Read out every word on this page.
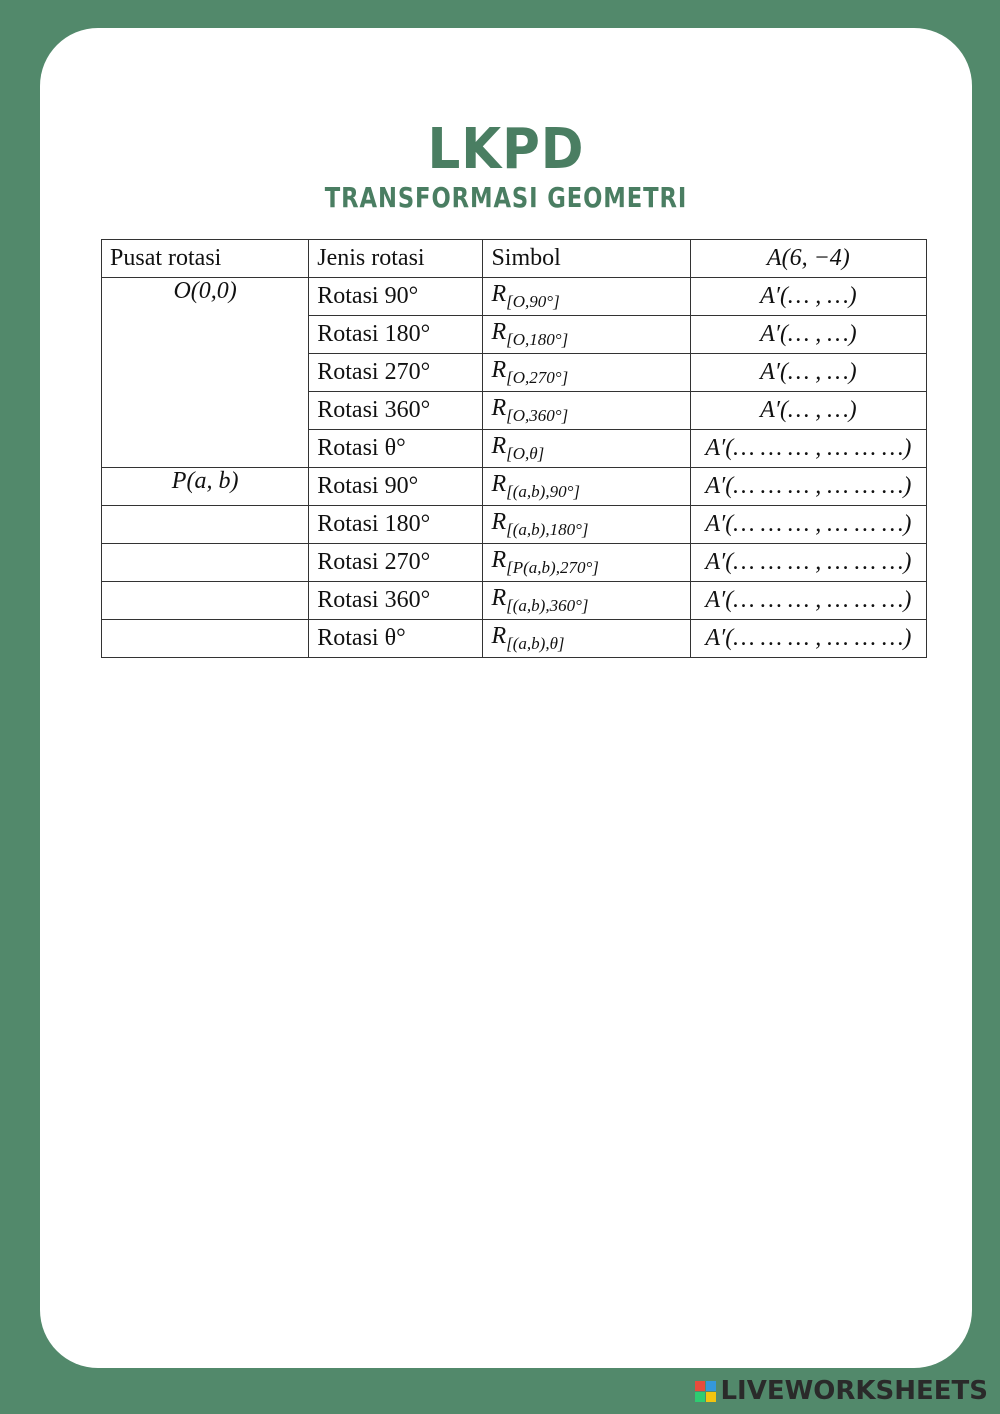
LKPD
TRANSFORMASI GEOMETRI
Pusat rotasi	Jenis rotasi	Simbol	A(6, −4)
O(0,0)	Rotasi 90°	$R_{[O,90^\circ]}$	A′(… , …)
	Rotasi 180°	$R_{[O,180^\circ]}$	A′(… , …)
	Rotasi 270°	$R_{[O,270^\circ]}$	A′(… , …)
	Rotasi 360°	$R_{[O,360^\circ]}$	A′(… , …)
	Rotasi θ°	$R_{[O,\theta]}$	A′(… … … , … … …)
P(a, b)	Rotasi 90°	$R_{[(a,b),90^\circ]}$	A′(… … … , … … …)
	Rotasi 180°	$R_{[(a,b),180^\circ]}$	A′(… … … , … … …)
	Rotasi 270°	$R_{[P(a,b),270^\circ]}$	A′(… … … , … … …)
	Rotasi 360°	$R_{[(a,b),360^\circ]}$	A′(… … … , … … …)
	Rotasi θ°	$R_{[(a,b),\theta]}$	A′(… … … , … … …)
LIVEWORKSHEETS
